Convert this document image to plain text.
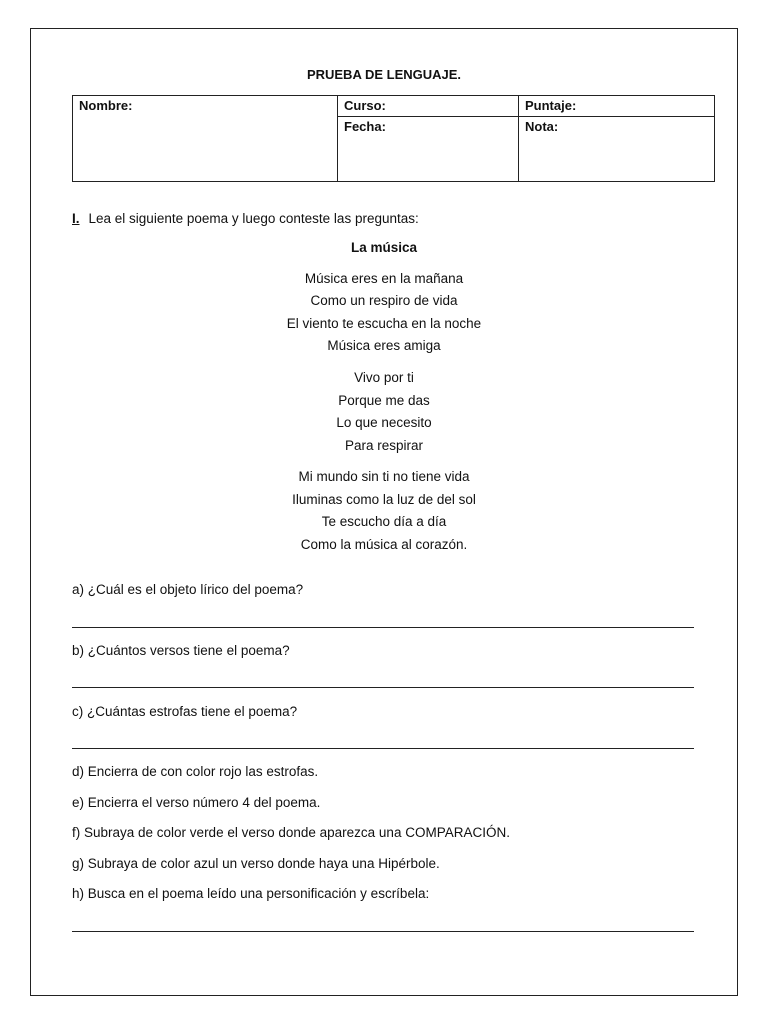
PRUEBA DE LENGUAJE.
Nombre:	Curso:	Puntaje:
	Fecha:	Nota:
I. Lea el siguiente poema y luego conteste las preguntas:
La música
Música eres en la mañana
Como un respiro de vida
El viento te escucha en la noche
Música eres amiga
Vivo por ti
Porque me das
Lo que necesito
Para respirar
Mi mundo sin ti no tiene vida
Iluminas como la luz de del sol
Te escucho día a día
Como la música al corazón.
a) ¿Cuál es el objeto lírico del poema?
b) ¿Cuántos versos tiene el poema?
c) ¿Cuántas estrofas tiene el poema?
d) Encierra de con color rojo las estrofas.
e) Encierra el verso número 4 del poema.
f) Subraya de color verde el verso donde aparezca una COMPARACIÓN.
g) Subraya de color azul un verso donde haya una Hipérbole.
h) Busca en el poema leído una personificación y escríbela:
